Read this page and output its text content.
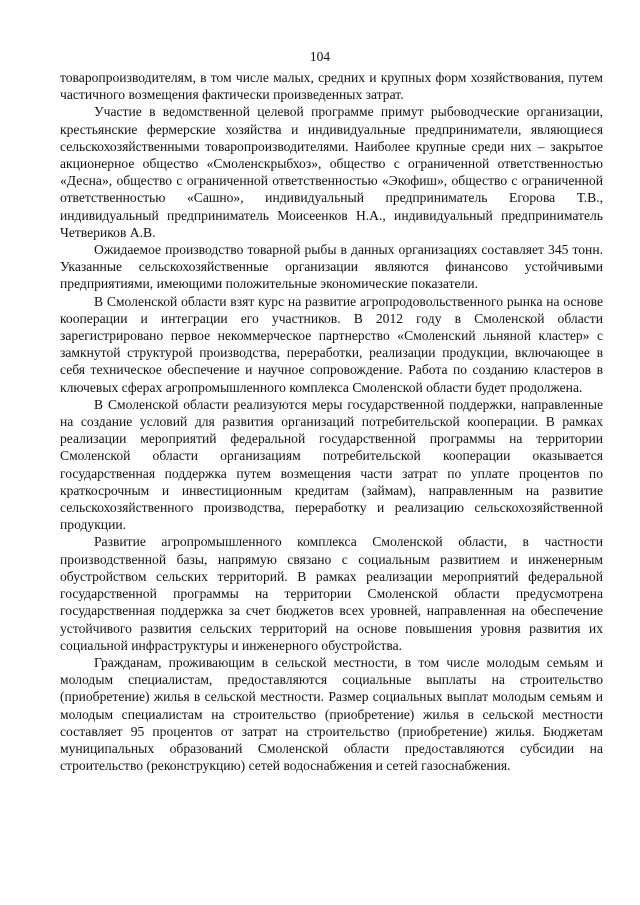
104

товаропроизводителям, в том числе малых, средних и крупных форм хозяйствования, путем частичного возмещения фактически произведенных затрат.

Участие в ведомственной целевой программе примут рыбоводческие организации, крестьянские фермерские хозяйства и индивидуальные предприниматели, являющиеся сельскохозяйственными товаропроизводителями. Наиболее крупные среди них – закрытое акционерное общество «Смоленскрыбхоз», общество с ограниченной ответственностью «Десна», общество с ограниченной ответственностью «Экофиш», общество с ограниченной ответственностью «Сашно», индивидуальный предприниматель Егорова Т.В., индивидуальный предприниматель Моисеенков Н.А., индивидуальный предприниматель Четвериков А.В.

Ожидаемое производство товарной рыбы в данных организациях составляет 345 тонн. Указанные сельскохозяйственные организации являются финансово устойчивыми предприятиями, имеющими положительные экономические показатели.

В Смоленской области взят курс на развитие агропродовольственного рынка на основе кооперации и интеграции его участников. В 2012 году в Смоленской области зарегистрировано первое некоммерческое партнерство «Смоленский льняной кластер» с замкнутой структурой производства, переработки, реализации продукции, включающее в себя техническое обеспечение и научное сопровождение. Работа по созданию кластеров в ключевых сферах агропромышленного комплекса Смоленской области будет продолжена.

В Смоленской области реализуются меры государственной поддержки, направленные на создание условий для развития организаций потребительской кооперации. В рамках реализации мероприятий федеральной государственной программы на территории Смоленской области организациям потребительской кооперации оказывается государственная поддержка путем возмещения части затрат по уплате процентов по краткосрочным и инвестиционным кредитам (займам), направленным на развитие сельскохозяйственного производства, переработку и реализацию сельскохозяйственной продукции.

Развитие агропромышленного комплекса Смоленской области, в частности производственной базы, напрямую связано с социальным развитием и инженерным обустройством сельских территорий. В рамках реализации мероприятий федеральной государственной программы на территории Смоленской области предусмотрена государственная поддержка за счет бюджетов всех уровней, направленная на обеспечение устойчивого развития сельских территорий на основе повышения уровня развития их социальной инфраструктуры и инженерного обустройства.

Гражданам, проживающим в сельской местности, в том числе молодым семьям и молодым специалистам, предоставляются социальные выплаты на строительство (приобретение) жилья в сельской местности. Размер социальных выплат молодым семьям и молодым специалистам на строительство (приобретение) жилья в сельской местности составляет 95 процентов от затрат на строительство (приобретение) жилья. Бюджетам муниципальных образований Смоленской области предоставляются субсидии на строительство (реконструкцию) сетей водоснабжения и сетей газоснабжения.
